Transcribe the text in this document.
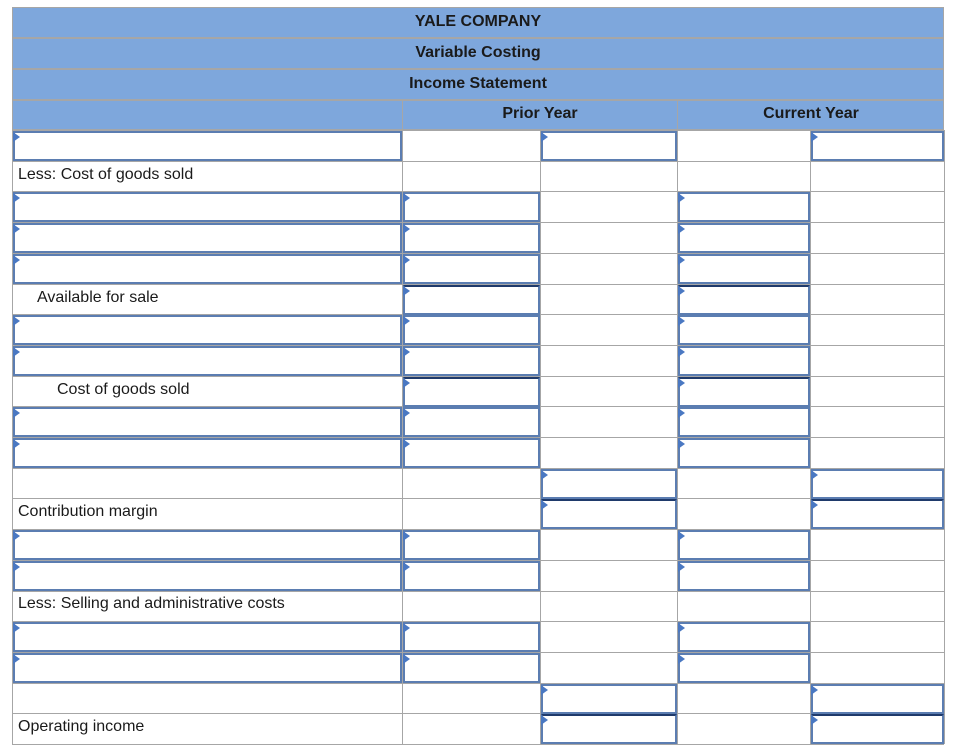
YALE COMPANY
Variable Costing
Income Statement
Prior Year	Current Year
Less: Cost of goods sold
Available for sale
Cost of goods sold
Contribution margin
Less: Selling and administrative costs
Operating income
